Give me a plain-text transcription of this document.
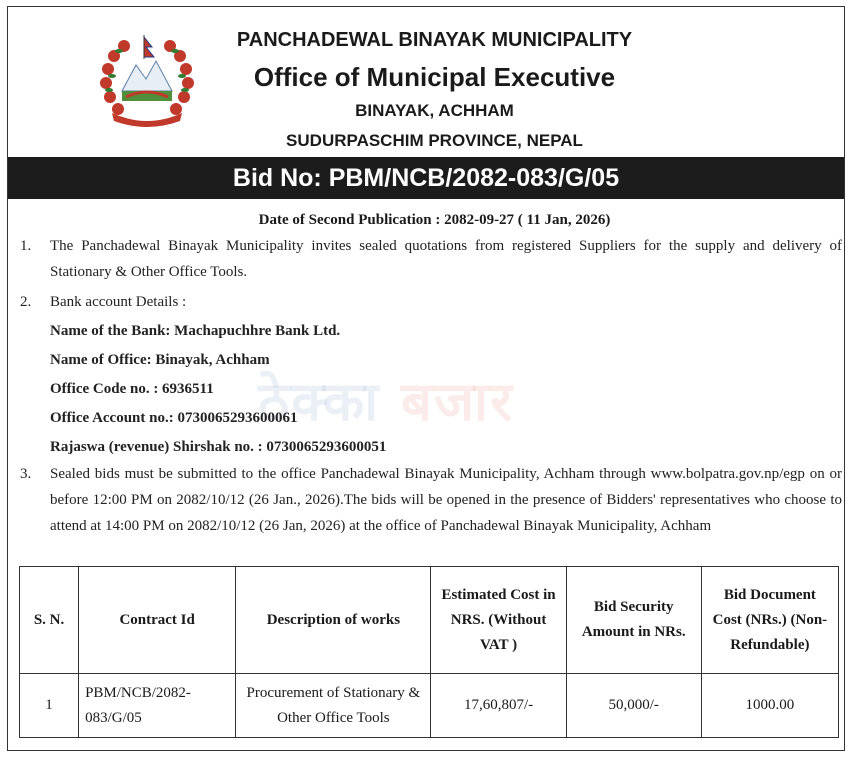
PANCHADEWAL BINAYAK MUNICIPALITY
Office of Municipal Executive
BINAYAK, ACHHAM
SUDURPASCHIM PROVINCE, NEPAL
Bid No: PBM/NCB/2082-083/G/05
Date of Second Publication : 2082-09-27 ( 11 Jan, 2026)
ठेक्का बजार
1. The Panchadewal Binayak Municipality invites sealed quotations from registered Suppliers for the supply and delivery of Stationary & Other Office Tools.
2. Bank account Details :
Name of the Bank: Machapuchhre Bank Ltd.
Name of Office: Binayak, Achham
Office Code no. : 6936511
Office Account no.: 0730065293600061
Rajaswa (revenue) Shirshak no. : 0730065293600051
3. Sealed bids must be submitted to the office Panchadewal Binayak Municipality, Achham through www.bolpatra.gov.np/egp on or before 12:00 PM on 2082/10/12 (26 Jan., 2026).The bids will be opened in the presence of Bidders' representatives who choose to attend at 14:00 PM on 2082/10/12 (26 Jan, 2026) at the office of Panchadewal Binayak Municipality, Achham
S. N.	Contract Id	Description of works	Estimated Cost in NRS. (Without VAT )	Bid Security Amount in NRs.	Bid Document Cost (NRs.) (Non-Refundable)
1	PBM/NCB/2082-083/G/05	Procurement of Stationary & Other Office Tools	17,60,807/-	50,000/-	1000.00
